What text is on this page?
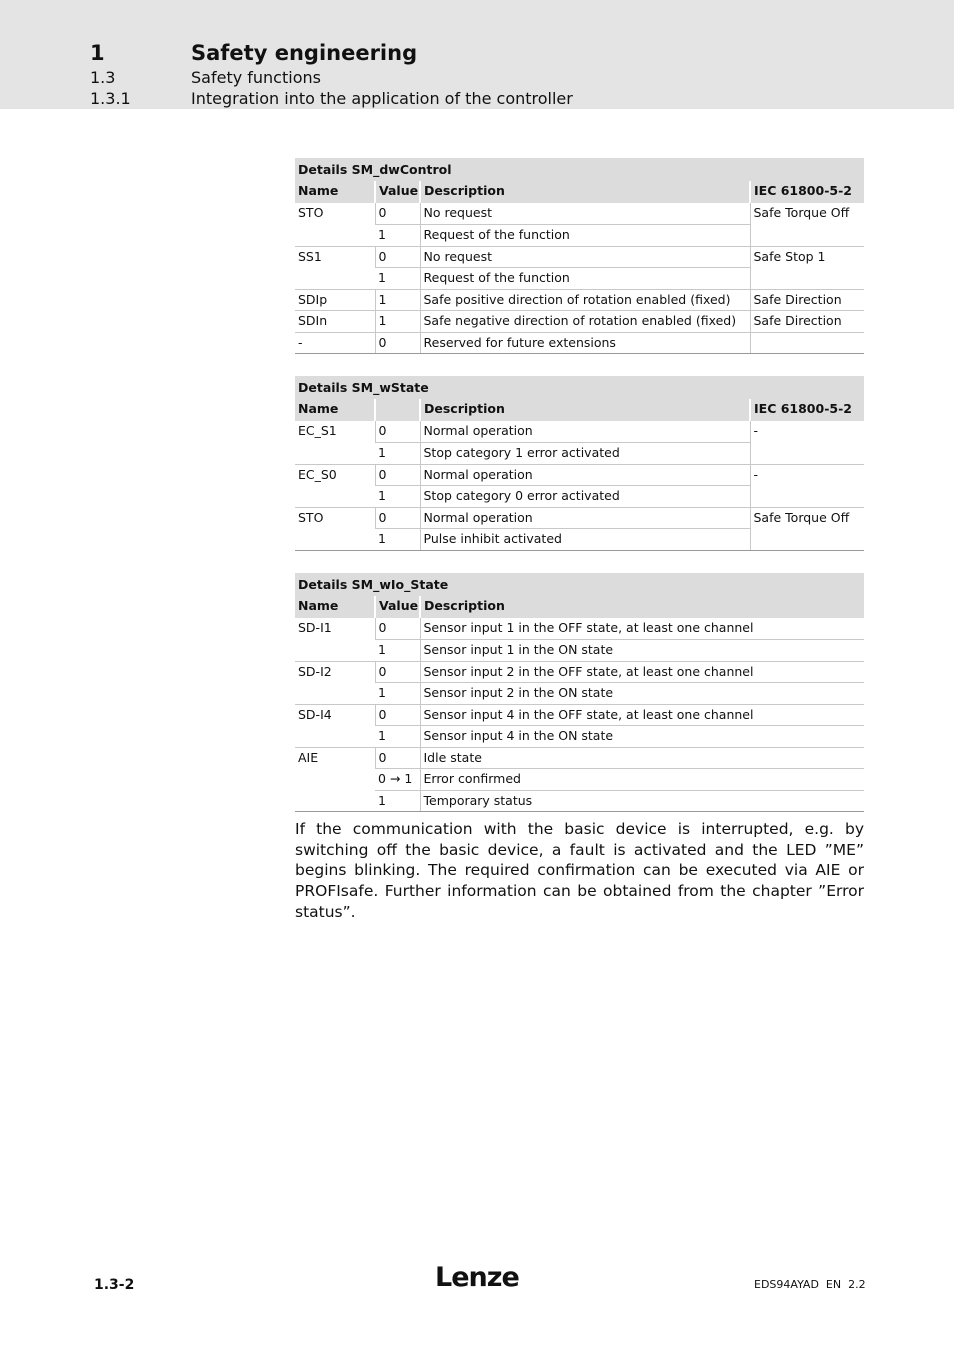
1	Safety engineering
1.3	Safety functions
1.3.1	Integration into the application of the controller
Details SM_dwControl			
Name	Value	Description	IEC 61800-5-2
STO	0	No request	Safe Torque Off
	1	Request of the function	
SS1	0	No request	Safe Stop 1
	1	Request of the function	
SDIp	1	Safe positive direction of rotation enabled (fixed)	Safe Direction
SDIn	1	Safe negative direction of rotation enabled (fixed)	Safe Direction
-	0	Reserved for future extensions	
Details SM_wState			
Name		Description	IEC 61800-5-2
EC_S1	0	Normal operation	-
	1	Stop category 1 error activated	
EC_S0	0	Normal operation	-
	1	Stop category 0 error activated	
STO	0	Normal operation	Safe Torque Off
	1	Pulse inhibit activated	
Details SM_wIo_State		
Name	Value	Description
SD-I1	0	Sensor input 1 in the OFF state, at least one channel
	1	Sensor input 1 in the ON state
SD-I2	0	Sensor input 2 in the OFF state, at least one channel
	1	Sensor input 2 in the ON state
SD-I4	0	Sensor input 4 in the OFF state, at least one channel
	1	Sensor input 4 in the ON state
AIE	0	Idle state
	0 → 1	Error confirmed
	1	Temporary status

If the communication with the basic device is interrupted, e.g. by switching off the basic device, a fault is activated and the LED ”ME” begins blinking. The required confirmation can be executed via AIE or PROFIsafe. Further information can be obtained from the chapter ”Error status”.

1.3-2	Lenze	EDS94AYAD  EN  2.2
